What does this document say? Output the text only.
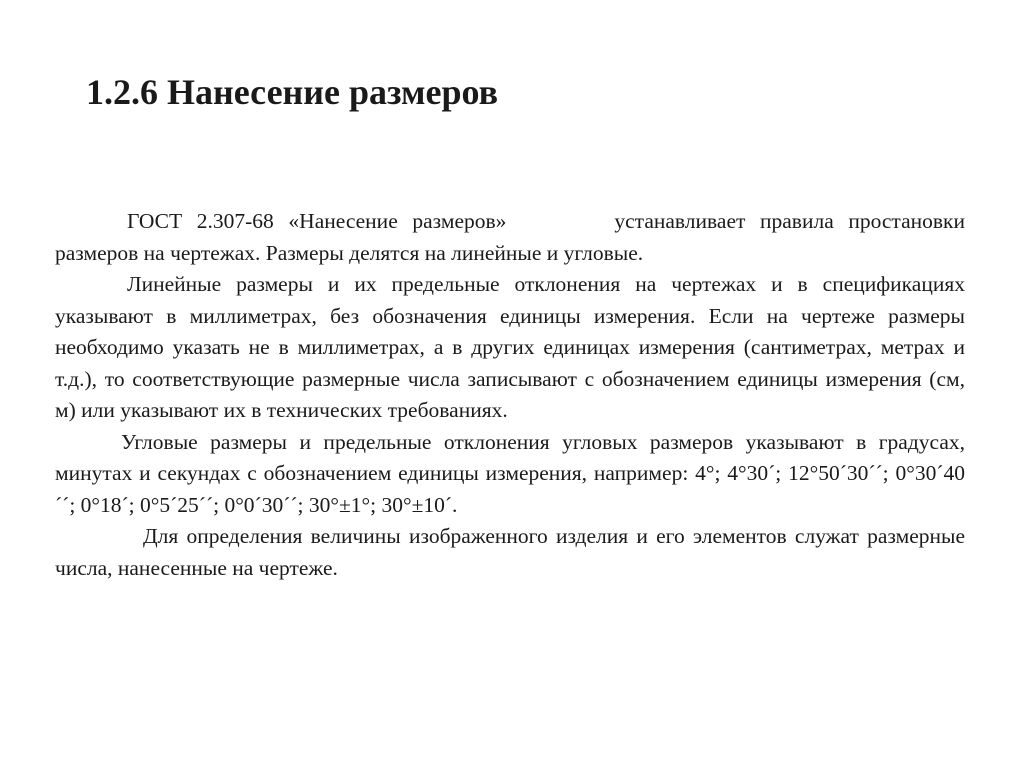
1.2.6 Нанесение размеров

ГОСТ 2.307-68 «Нанесение размеров»	устанавливает правила простановки размеров на чертежах. Размеры делятся на линейные и угловые.

Линейные размеры и их предельные отклонения на чертежах и в спецификациях указывают в миллиметрах, без обозначения единицы измерения. Если на чертеже размеры необходимо указать не в миллиметрах, а в других единицах измерения (сантиметрах, метрах и т.д.), то соответствующие размерные числа записывают с обозначением единицы измерения (см, м) или указывают их в технических требованиях.

Угловые размеры и предельные отклонения угловых размеров указывают в градусах, минутах и секундах с обозначением единицы измерения, например: 4°; 4°30´; 12°50´30´´; 0°30´40´´; 0°18´; 0°5´25´´; 0°0´30´´; 30°±1°; 30°±10´.

Для определения величины изображенного изделия и его элементов служат размерные числа, нанесенные на чертеже.
